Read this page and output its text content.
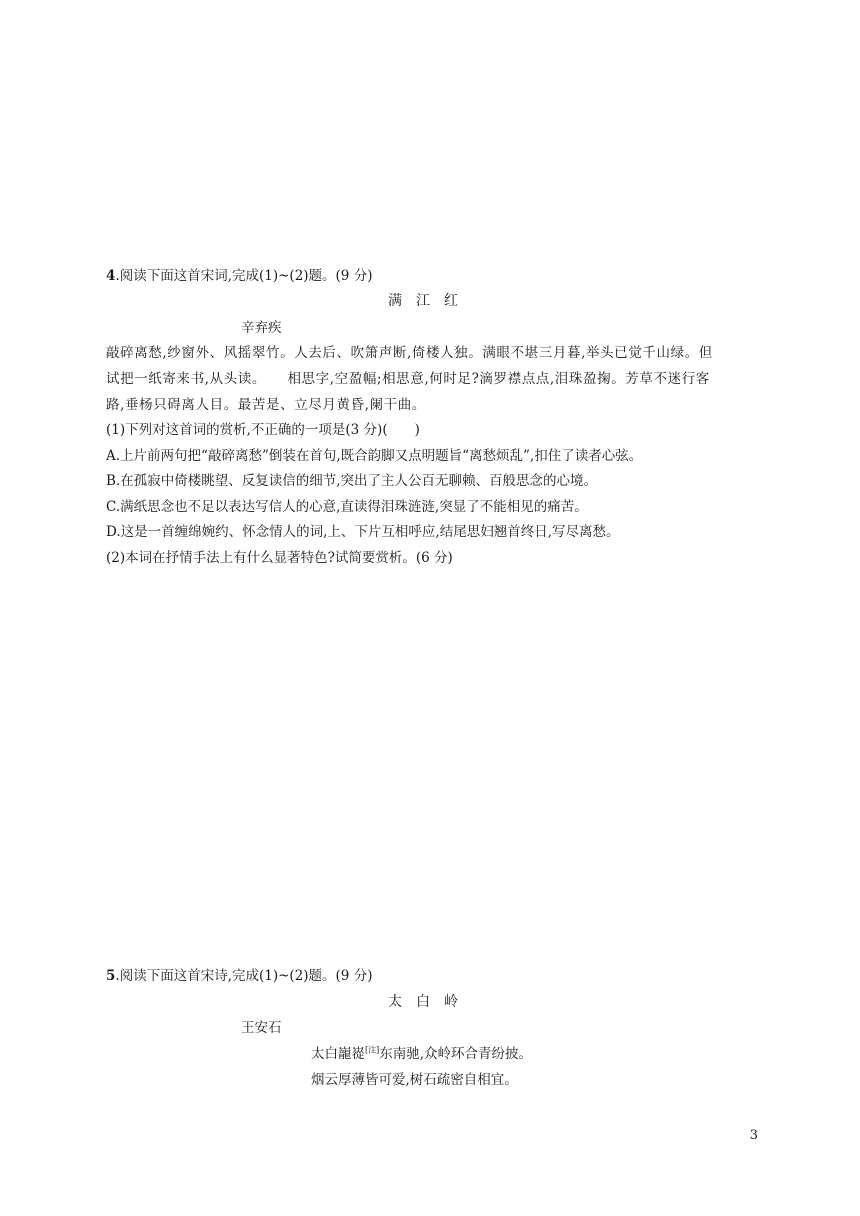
4.阅读下面这首宋词,完成(1)~(2)题。(9 分)
满江红
辛弃疾
敲碎离愁,纱窗外、风摇翠竹。人去后、吹箫声断,倚楼人独。满眼不堪三月暮,举头已觉千山绿。但
试把一纸寄来书,从头读。　　相思字,空盈幅;相思意,何时足?滴罗襟点点,泪珠盈掬。芳草不迷行客
路,垂杨只碍离人目。最苦是、立尽月黄昏,阑干曲。
(1)下列对这首词的赏析,不正确的一项是(3 分)(　　)
A.上片前两句把“敲碎离愁”倒装在首句,既合韵脚又点明题旨“离愁烦乱”,扣住了读者心弦。
B.在孤寂中倚楼眺望、反复读信的细节,突出了主人公百无聊赖、百般思念的心境。
C.满纸思念也不足以表达写信人的心意,直读得泪珠涟涟,突显了不能相见的痛苦。
D.这是一首缠绵婉约、怀念情人的词,上、下片互相呼应,结尾思妇翘首终日,写尽离愁。
(2)本词在抒情手法上有什么显著特色?试简要赏析。(6 分)
5.阅读下面这首宋诗,完成(1)~(2)题。(9 分)
太白岭
王安石
太白巃嵸[注]东南驰,众岭环合青纷披。
烟云厚薄皆可爱,树石疏密自相宜。
3
